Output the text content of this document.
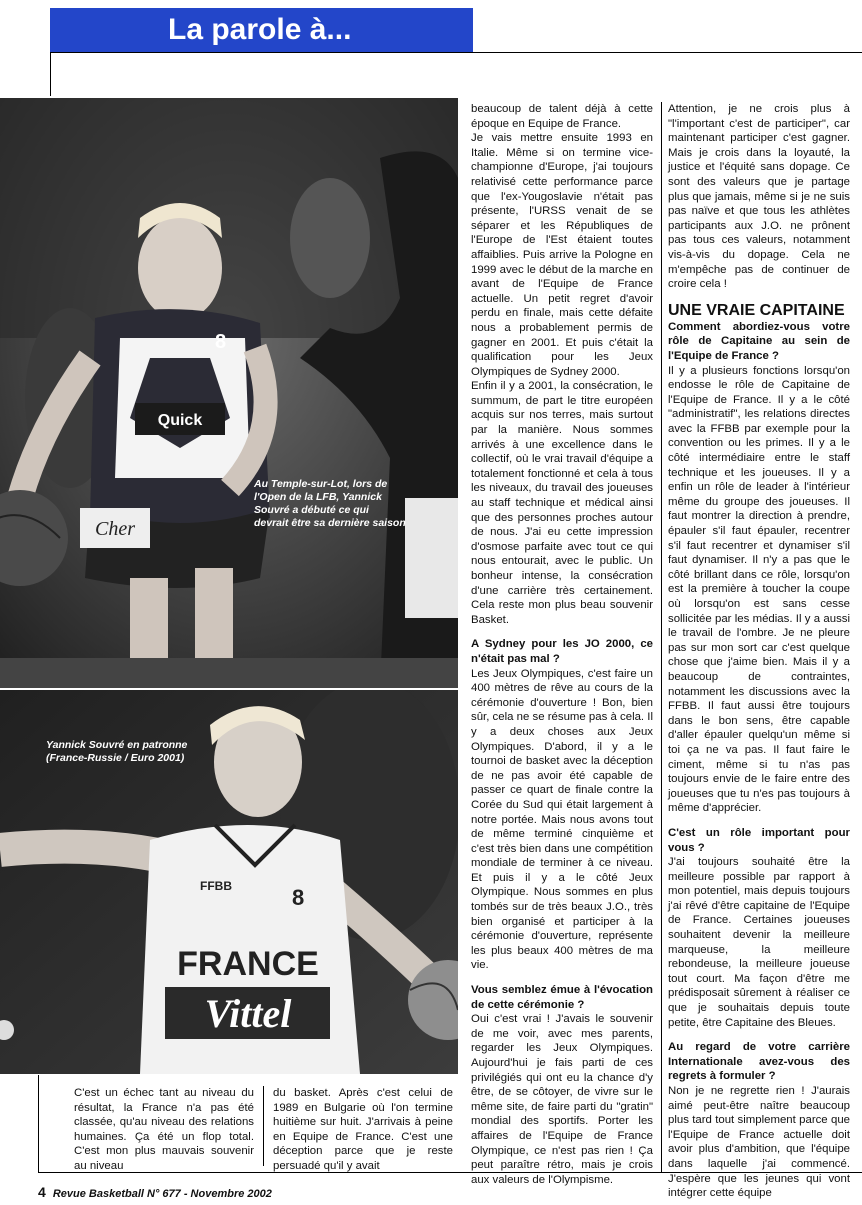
La parole à...
Quick
8
Cher
Au Temple-sur-Lot, lors de l'Open de la LFB, Yannick Souvré a débuté ce qui devrait être sa dernière saison
FFBB	8
FRANCE
Vittel
Yannick Souvré en patronne (France-Russie / Euro 2001)

C'est un échec tant au niveau du résultat, la France n'a pas été classée, qu'au niveau des relations humaines. Ça été un flop total. C'est mon plus mauvais souvenir au niveau

du basket. Après c'est celui de 1989 en Bulgarie où l'on termine huitième sur huit. J'arrivais à peine en Equipe de France. C'est une déception parce que je reste persuadé qu'il y avait

beaucoup de talent déjà à cette époque en Equipe de France.

Je vais mettre ensuite 1993 en Italie. Même si on termine vice-championne d'Europe, j'ai toujours relativisé cette performance parce que l'ex-Yougoslavie n'était pas présente, l'URSS venait de se séparer et les Républiques de l'Europe de l'Est étaient toutes affaiblies. Puis arrive la Pologne en 1999 avec le début de la marche en avant de l'Equipe de France actuelle. Un petit regret d'avoir perdu en finale, mais cette défaite nous a probablement permis de gagner en 2001. Et puis c'était la qualification pour les Jeux Olympiques de Sydney 2000.

Enfin il y a 2001, la consécration, le summum, de part le titre européen acquis sur nos terres, mais surtout par la manière. Nous sommes arrivés à une excellence dans le collectif, où le vrai travail d'équipe a totalement fonctionné et cela à tous les niveaux, du travail des joueuses au staff technique et médical ainsi que des personnes proches autour de nous. J'ai eu cette impression d'osmose parfaite avec tout ce qui nous entourait, avec le public. Un bonheur intense, la consécration d'une carrière très certainement. Cela reste mon plus beau souvenir Basket.

A Sydney pour les JO 2000, ce n'était pas mal ?

Les Jeux Olympiques, c'est faire un 400 mètres de rêve au cours de la cérémonie d'ouverture ! Bon, bien sûr, cela ne se résume pas à cela. Il y a deux choses aux Jeux Olympiques. D'abord, il y a le tournoi de basket avec la déception de ne pas avoir été capable de passer ce quart de finale contre la Corée du Sud qui était largement à notre portée. Mais nous avons tout de même terminé cinquième et c'est très bien dans une compétition mondiale de terminer à ce niveau. Et puis il y a le côté Jeux Olympique. Nous sommes en plus tombés sur de très beaux J.O., très bien organisé et participer à la cérémonie d'ouverture, représente les plus beaux 400 mètres de ma vie.

Vous semblez émue à l'évocation de cette cérémonie ?

Oui c'est vrai ! J'avais le souvenir de me voir, avec mes parents, regarder les Jeux Olympiques. Aujourd'hui je fais parti de ces privilégiés qui ont eu la chance d'y être, de se côtoyer, de vivre sur le même site, de faire parti du "gratin" mondial des sportifs. Porter les affaires de l'Equipe de France Olympique, ce n'est pas rien ! Ça peut paraître rétro, mais je crois aux valeurs de l'Olympisme.

Attention, je ne crois plus à "l'important c'est de participer", car maintenant participer c'est gagner. Mais je crois dans la loyauté, la justice et l'équité sans dopage. Ce sont des valeurs que je partage plus que jamais, même si je ne suis pas naïve et que tous les athlètes participants aux J.O. ne prônent pas tous ces valeurs, notamment vis-à-vis du dopage. Cela ne m'empêche pas de continuer de croire cela !

UNE VRAIE CAPITAINE

Comment abordiez-vous votre rôle de Capitaine au sein de l'Equipe de France ?

Il y a plusieurs fonctions lorsqu'on endosse le rôle de Capitaine de l'Equipe de France. Il y a le côté "administratif", les relations directes avec la FFBB par exemple pour la convention ou les primes. Il y a le côté intermédiaire entre le staff technique et les joueuses. Il y a enfin un rôle de leader à l'intérieur même du groupe des joueuses. Il faut montrer la direction à prendre, épauler s'il faut épauler, recentrer s'il faut recentrer et dynamiser s'il faut dynamiser. Il n'y a pas que le côté brillant dans ce rôle, lorsqu'on est la première à toucher la coupe où lorsqu'on est sans cesse sollicitée par les médias. Il y a aussi le travail de l'ombre. Je ne pleure pas sur mon sort car c'est quelque chose que j'aime bien. Mais il y a beaucoup de contraintes, notamment les discussions avec la FFBB. Il faut aussi être toujours dans le bon sens, être capable d'aller épauler quelqu'un même si toi ça ne va pas. Il faut faire le ciment, même si tu n'as pas toujours envie de le faire entre des joueuses que tu n'es pas toujours à même d'apprécier.

C'est un rôle important pour vous ?

J'ai toujours souhaité être la meilleure possible par rapport à mon potentiel, mais depuis toujours j'ai rêvé d'être capitaine de l'Equipe de France. Certaines joueuses souhaitent devenir la meilleure marqueuse, la meilleure rebondeuse, la meilleure joueuse tout court. Ma façon d'être me prédisposait sûrement à réaliser ce que je souhaitais depuis toute petite, être Capitaine des Bleues.

Au regard de votre carrière Internationale avez-vous des regrets à formuler ?

Non je ne regrette rien ! J'aurais aimé peut-être naître beaucoup plus tard tout simplement parce que l'Equipe de France actuelle doit avoir plus d'ambition, que l'équipe dans laquelle j'ai commencé. J'espère que les jeunes qui vont intégrer cette équipe

4 Revue Basketball N° 677 - Novembre 2002
